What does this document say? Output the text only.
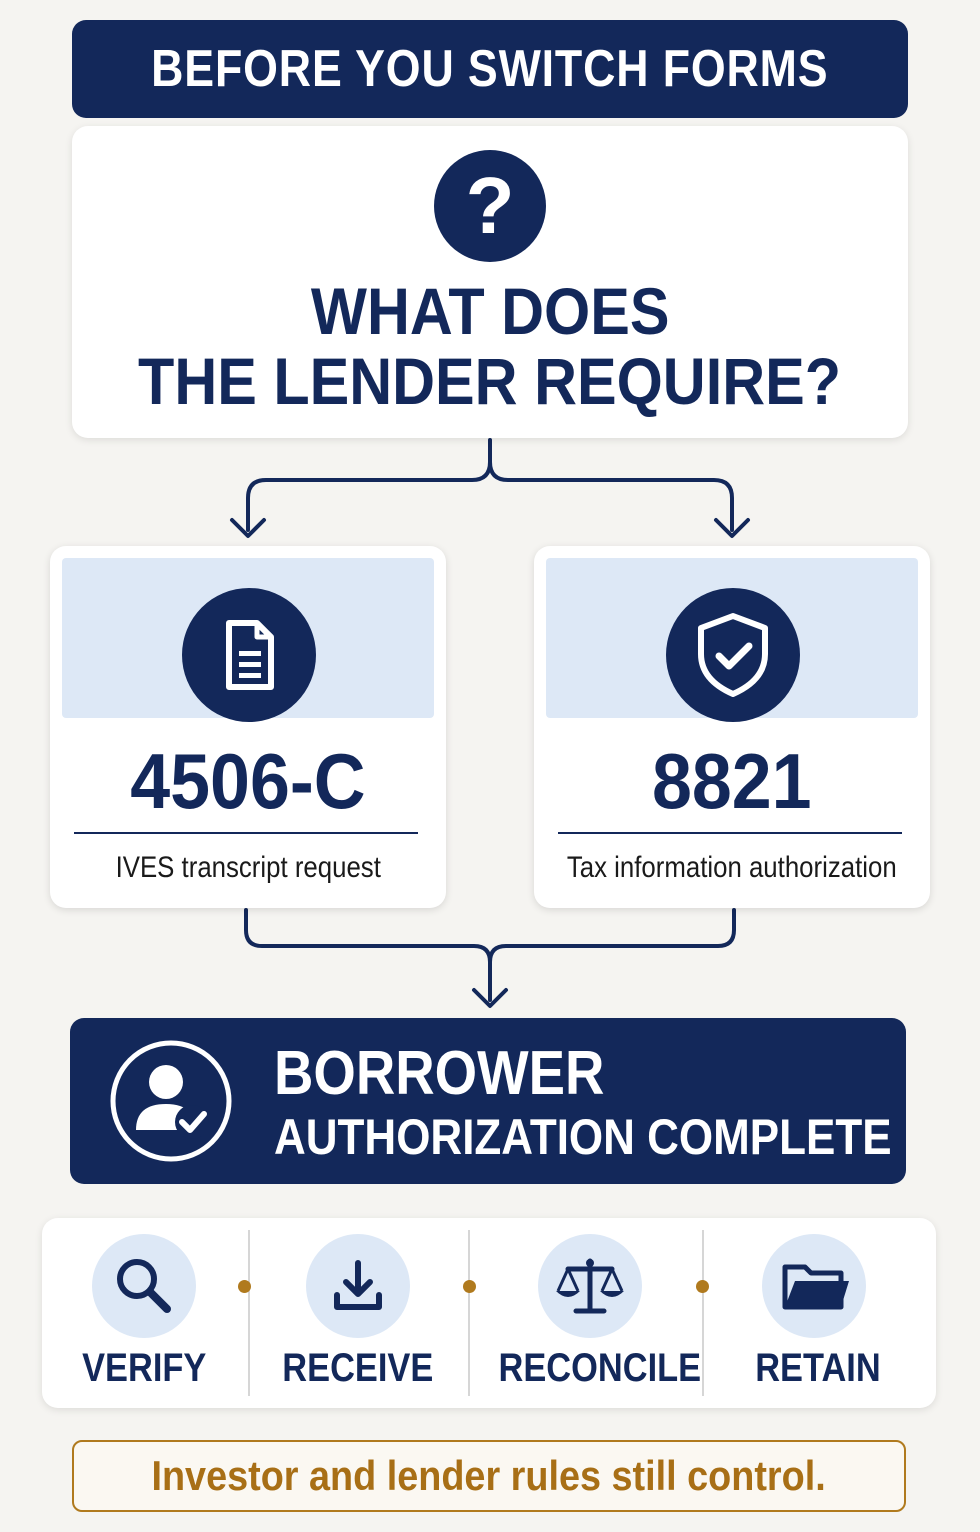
BEFORE YOU SWITCH FORMS
?
WHAT DOES
THE LENDER REQUIRE?
4506-C
IVES transcript request
8821
Tax information authorization
BORROWER
AUTHORIZATION COMPLETE
VERIFY	RECEIVE	RECONCILE	RETAIN
Investor and lender rules still control.
